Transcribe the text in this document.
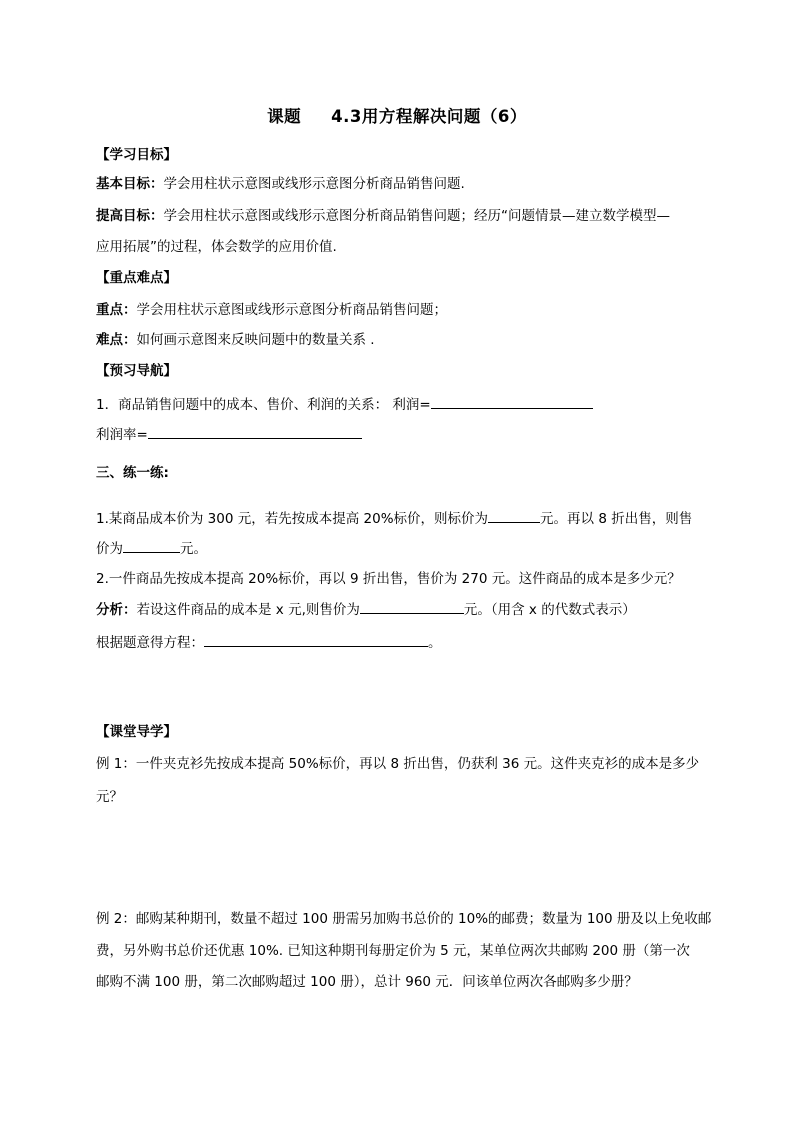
课题 4.3用方程解决问题（6）
【学习目标】
基本目标：学会用柱状示意图或线形示意图分析商品销售问题.
提高目标：学会用柱状示意图或线形示意图分析商品销售问题；经历“问题情景—建立数学模型—
应用拓展”的过程，体会数学的应用价值.
【重点难点】
重点：学会用柱状示意图或线形示意图分析商品销售问题；
难点：如何画示意图来反映问题中的数量关系 .
【预习导航】
1．商品销售问题中的成本、售价、利润的关系： 利润=
利润率=
三、练一练:
1.某商品成本价为 300 元，若先按成本提高 20%标价，则标价为	元。再以 8 折出售，则售
价为	元。
2.一件商品先按成本提高 20%标价，再以 9 折出售，售价为 270 元。这件商品的成本是多少元？
分析：若设这件商品的成本是 x 元,则售价为	元。（用含 x 的代数式表示）
根据题意得方程：	。
【课堂导学】
例 1：一件夹克衫先按成本提高 50%标价，再以 8 折出售，仍获利 36 元。这件夹克衫的成本是多少
元？
例 2：邮购某种期刊，数量不超过 100 册需另加购书总价的 10%的邮费；数量为 100 册及以上免收邮
费，另外购书总价还优惠 10%. 已知这种期刊每册定价为 5 元，某单位两次共邮购 200 册（第一次
邮购不满 100 册，第二次邮购超过 100 册），总计 960 元．问该单位两次各邮购多少册？
